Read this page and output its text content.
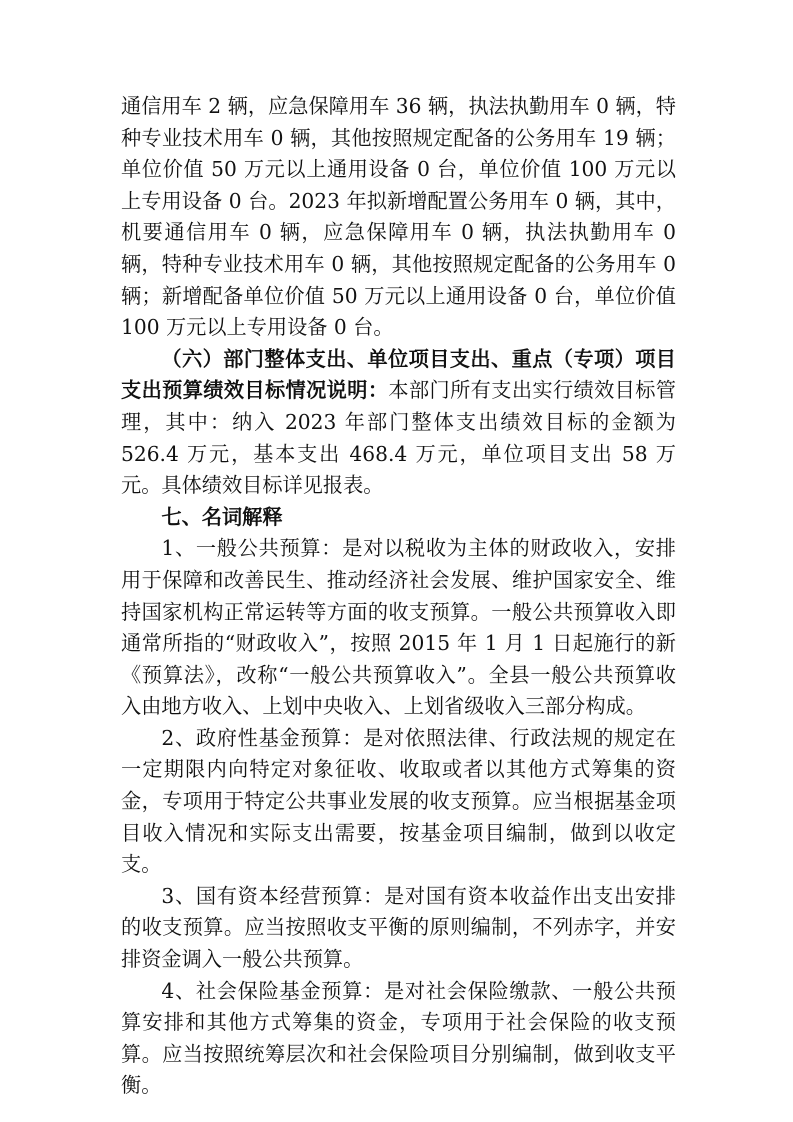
通信用车 2 辆，应急保障用车 36 辆，执法执勤用车 0 辆，特种专业技术用车 0 辆，其他按照规定配备的公务用车 19 辆；单位价值 50 万元以上通用设备 0 台，单位价值 100 万元以上专用设备 0 台。2023 年拟新增配置公务用车 0 辆，其中，机要通信用车 0 辆，应急保障用车 0 辆，执法执勤用车 0 辆，特种专业技术用车 0 辆，其他按照规定配备的公务用车 0 辆；新增配备单位价值 50 万元以上通用设备 0 台，单位价值 100 万元以上专用设备 0 台。

（六）部门整体支出、单位项目支出、重点（专项）项目支出预算绩效目标情况说明：本部门所有支出实行绩效目标管理，其中：纳入 2023 年部门整体支出绩效目标的金额为 526.4 万元，基本支出 468.4 万元，单位项目支出 58 万元。具体绩效目标详见报表。

七、名词解释

1、一般公共预算：是对以税收为主体的财政收入，安排用于保障和改善民生、推动经济社会发展、维护国家安全、维持国家机构正常运转等方面的收支预算。一般公共预算收入即通常所指的“财政收入”，按照 2015 年 1 月 1 日起施行的新《预算法》，改称“一般公共预算收入”。全县一般公共预算收入由地方收入、上划中央收入、上划省级收入三部分构成。

2、政府性基金预算：是对依照法律、行政法规的规定在一定期限内向特定对象征收、收取或者以其他方式筹集的资金，专项用于特定公共事业发展的收支预算。应当根据基金项目收入情况和实际支出需要，按基金项目编制，做到以收定支。

3、国有资本经营预算：是对国有资本收益作出支出安排的收支预算。应当按照收支平衡的原则编制，不列赤字，并安排资金调入一般公共预算。

4、社会保险基金预算：是对社会保险缴款、一般公共预算安排和其他方式筹集的资金，专项用于社会保险的收支预算。应当按照统筹层次和社会保险项目分别编制，做到收支平衡。
